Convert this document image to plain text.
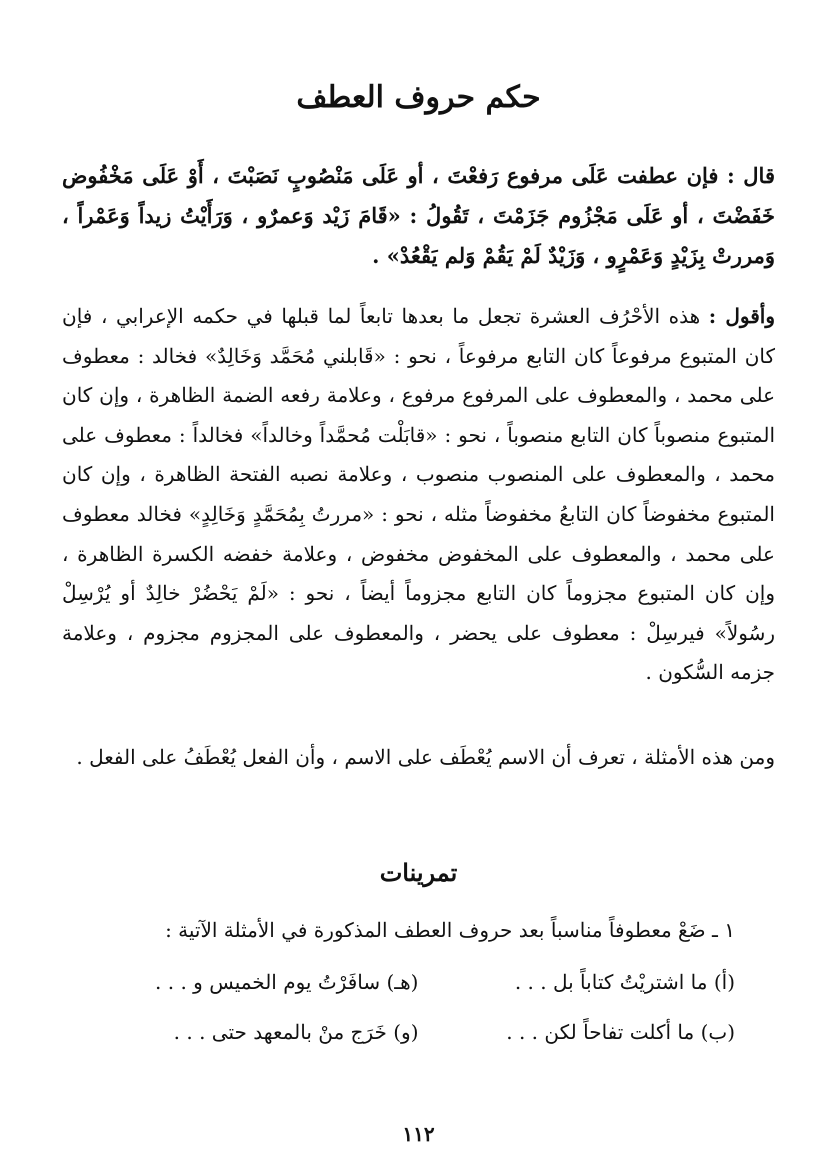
حكم حروف العطف

قال : فإن عطفت عَلَى مرفوع رَفعْتَ ، أو عَلَى مَنْصُوبٍ نَصَبْتَ ، أَوْ عَلَى مَخْفُوض خَفَضْتَ ، أو عَلَى مَجْزُوم جَزَمْتَ ، تَقُولُ : «قَامَ زَيْد وَعمرٌو ، وَرَأَيْتُ زيداً وَعَمْراً ، وَمررتْ بِزَيْدٍ وَعَمْرٍو ، وَزَيْدٌ لَمْ يَقُمْ وَلم يَقْعُدْ» .

وأقول : هذه الأحْرُف العشرة تجعل ما بعدها تابعاً لما قبلها في حكمه الإعرابي ، فإن كان المتبوع مرفوعاً كان التابع مرفوعاً ، نحو : «قَابلني مُحَمَّد وَخَالِدٌ» فخالد : معطوف على محمد ، والمعطوف على المرفوع مرفوع ، وعلامة رفعه الضمة الظاهرة ، وإن كان المتبوع منصوباً كان التابع منصوباً ، نحو : «قابَلْت مُحمَّداً وخالداً» فخالداً : معطوف على محمد ، والمعطوف على المنصوب منصوب ، وعلامة نصبه الفتحة الظاهرة ، وإن كان المتبوع مخفوضاً كان التابعُ مخفوضاً مثله ، نحو : «مررتُ بِمُحَمَّدٍ وَخَالِدٍ» فخالد معطوف على محمد ، والمعطوف على المخفوض مخفوض ، وعلامة خفضه الكسرة الظاهرة ، وإن كان المتبوع مجزوماً كان التابع مجزوماً أيضاً ، نحو : «لَمْ يَحْضُرْ خالِدٌ أو يُرْسِلْ رسُولاً» فيرسِلْ : معطوف على يحضر ، والمعطوف على المجزوم مجزوم ، وعلامة جزمه السُّكون .

ومن هذه الأمثلة ، تعرف أن الاسم يُعْطَف على الاسم ، وأن الفعل يُعْطَفُ على الفعل .

تمرينات

١ ـ ضَعْ معطوفاً مناسباً بعد حروف العطف المذكورة في الأمثلة الآتية :

(أ) ما اشتريْتُ كتاباً بل . . .
(هـ) سافَرْتُ يوم الخميس و . . .
(ب) ما أكلت تفاحاً لكن . . .
(و) خَرَج منْ بالمعهد حتى . . .
١١٢
